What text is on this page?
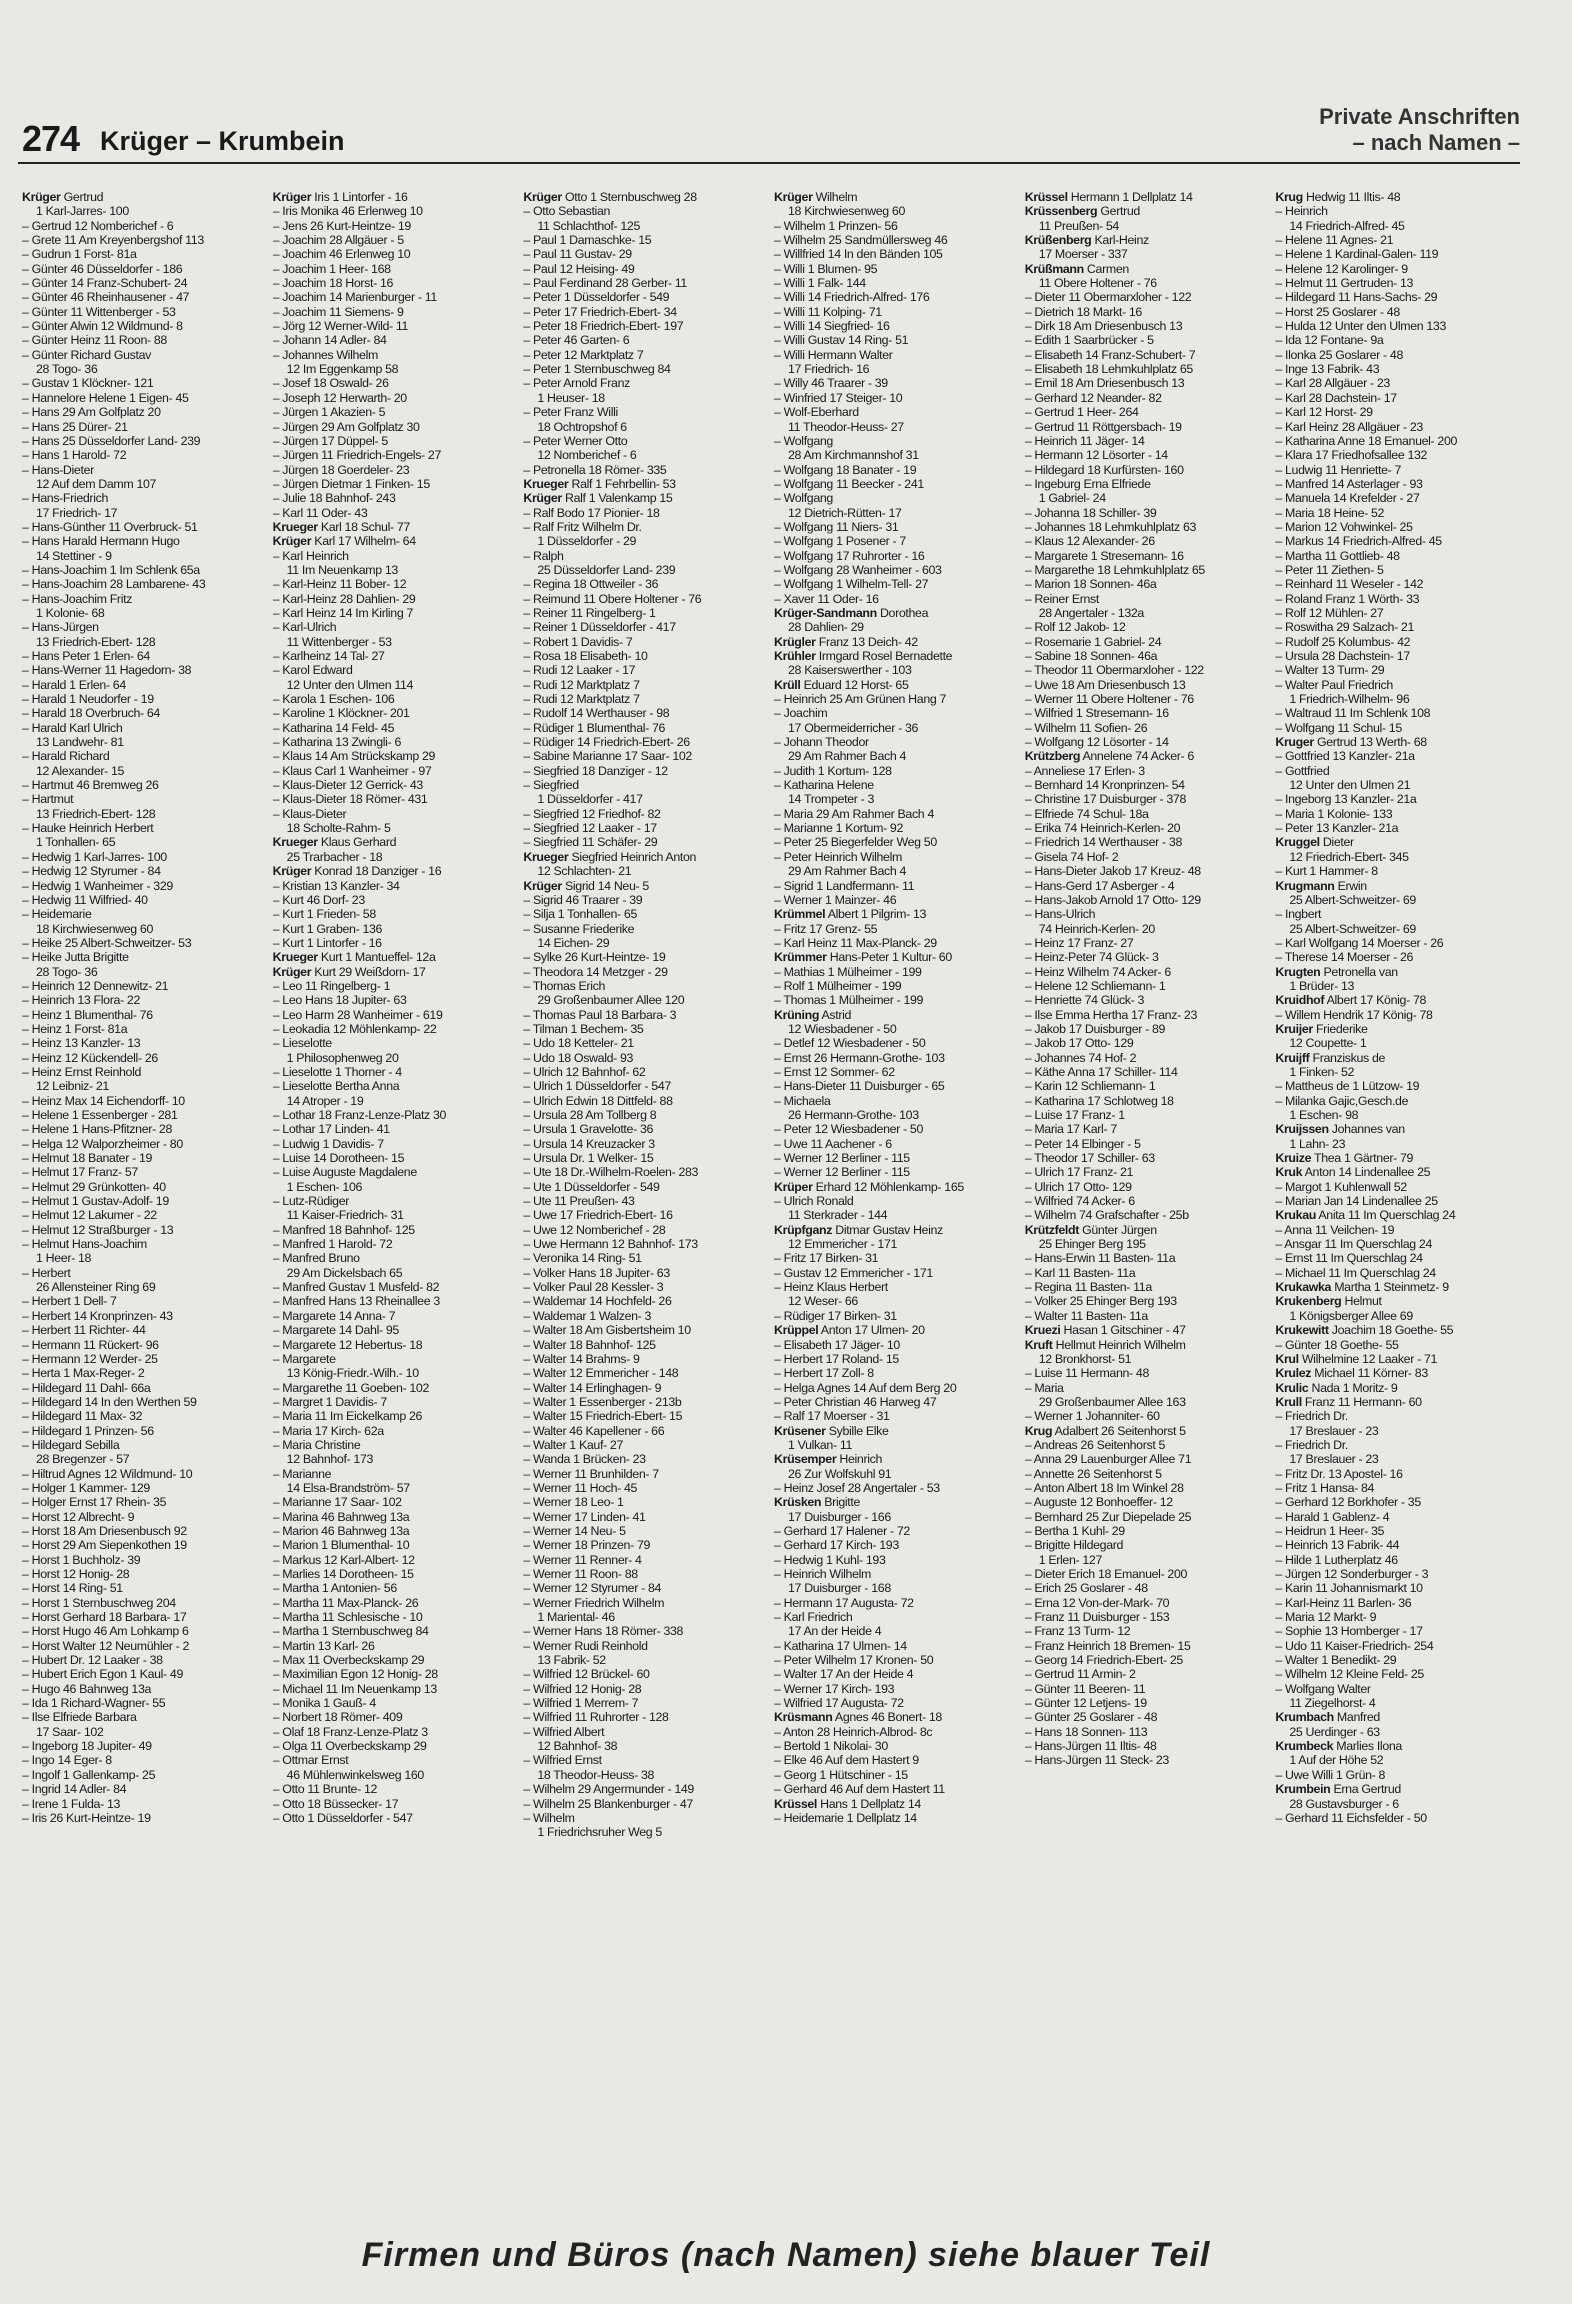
274 Krüger – Krumbein
Private Anschriften
– nach Namen –
Krüger Gertrud
1 Karl-Jarres- 100
– Gertrud 12 Nomberichef - 6
– Grete 11 Am Kreyenbergshof 113
– Gudrun 1 Forst- 81a
– Günter 46 Düsseldorfer - 186
– Günter 14 Franz-Schubert- 24
– Günter 46 Rheinhausener - 47
– Günter 11 Wittenberger - 53
– Günter Alwin 12 Wildmund- 8
– Günter Heinz 11 Roon- 88
– Günter Richard Gustav
28 Togo- 36
– Gustav 1 Klöckner- 121
– Hannelore Helene 1 Eigen- 45
– Hans 29 Am Golfplatz 20
– Hans 25 Dürer- 21
– Hans 25 Düsseldorfer Land- 239
– Hans 1 Harold- 72
– Hans-Dieter
12 Auf dem Damm 107
– Hans-Friedrich
17 Friedrich- 17
– Hans-Günther 11 Overbruck- 51
– Hans Harald Hermann Hugo
14 Stettiner - 9
– Hans-Joachim 1 Im Schlenk 65a
– Hans-Joachim 28 Lambarene- 43
– Hans-Joachim Fritz
1 Kolonie- 68
– Hans-Jürgen
13 Friedrich-Ebert- 128
– Hans Peter 1 Erlen- 64
– Hans-Werner 11 Hagedorn- 38
– Harald 1 Erlen- 64
– Harald 1 Neudorfer - 19
– Harald 18 Overbruch- 64
– Harald Karl Ulrich
13 Landwehr- 81
– Harald Richard
12 Alexander- 15
– Hartmut 46 Bremweg 26
– Hartmut
13 Friedrich-Ebert- 128
– Hauke Heinrich Herbert
1 Tonhallen- 65
– Hedwig 1 Karl-Jarres- 100
– Hedwig 12 Styrumer - 84
– Hedwig 1 Wanheimer - 329
– Hedwig 11 Wilfried- 40
– Heidemarie
18 Kirchwiesenweg 60
– Heike 25 Albert-Schweitzer- 53
– Heike Jutta Brigitte
28 Togo- 36
– Heinrich 12 Dennewitz- 21
– Heinrich 13 Flora- 22
– Heinz 1 Blumenthal- 76
– Heinz 1 Forst- 81a
– Heinz 13 Kanzler- 13
– Heinz 12 Kückendell- 26
– Heinz Ernst Reinhold
12 Leibniz- 21
– Heinz Max 14 Eichendorff- 10
– Helene 1 Essenberger - 281
– Helene 1 Hans-Pfitzner- 28
– Helga 12 Walporzheimer - 80
– Helmut 18 Banater - 19
– Helmut 17 Franz- 57
– Helmut 29 Grünkotten- 40
– Helmut 1 Gustav-Adolf- 19
– Helmut 12 Lakumer - 22
– Helmut 12 Straßburger - 13
– Helmut Hans-Joachim
1 Heer- 18
– Herbert
26 Allensteiner Ring 69
– Herbert 1 Dell- 7
– Herbert 14 Kronprinzen- 43
– Herbert 11 Richter- 44
– Hermann 11 Rückert- 96
– Hermann 12 Werder- 25
– Herta 1 Max-Reger- 2
– Hildegard 11 Dahl- 66a
– Hildegard 14 In den Werthen 59
– Hildegard 11 Max- 32
– Hildegard 1 Prinzen- 56
– Hildegard Sebilla
28 Bregenzer - 57
– Hiltrud Agnes 12 Wildmund- 10
– Holger 1 Kammer- 129
– Holger Ernst 17 Rhein- 35
– Horst 12 Albrecht- 9
– Horst 18 Am Driesenbusch 92
– Horst 29 Am Siepenkothen 19
– Horst 1 Buchholz- 39
– Horst 12 Honig- 28
– Horst 14 Ring- 51
– Horst 1 Sternbuschweg 204
– Horst Gerhard 18 Barbara- 17
– Horst Hugo 46 Am Lohkamp 6
– Horst Walter 12 Neumühler - 2
– Hubert Dr. 12 Laaker - 38
– Hubert Erich Egon 1 Kaul- 49
– Hugo 46 Bahnweg 13a
– Ida 1 Richard-Wagner- 55
– Ilse Elfriede Barbara
17 Saar- 102
– Ingeborg 18 Jupiter- 49
– Ingo 14 Eger- 8
– Ingolf 1 Gallenkamp- 25
– Ingrid 14 Adler- 84
– Irene 1 Fulda- 13
– Iris 26 Kurt-Heintze- 19
Krüger Iris 1 Lintorfer - 16
– Iris Monika 46 Erlenweg 10
– Jens 26 Kurt-Heintze- 19
– Joachim 28 Allgäuer - 5
– Joachim 46 Erlenweg 10
– Joachim 1 Heer- 168
– Joachim 18 Horst- 16
– Joachim 14 Marienburger - 11
– Joachim 11 Siemens- 9
– Jörg 12 Werner-Wild- 11
– Johann 14 Adler- 84
– Johannes Wilhelm
12 Im Eggenkamp 58
– Josef 18 Oswald- 26
– Joseph 12 Herwarth- 20
– Jürgen 1 Akazien- 5
– Jürgen 29 Am Golfplatz 30
– Jürgen 17 Düppel- 5
– Jürgen 11 Friedrich-Engels- 27
– Jürgen 18 Goerdeler- 23
– Jürgen Dietmar 1 Finken- 15
– Julie 18 Bahnhof- 243
– Karl 11 Oder- 43
Krueger Karl 18 Schul- 77
Krüger Karl 17 Wilhelm- 64
– Karl Heinrich
11 Im Neuenkamp 13
– Karl-Heinz 11 Bober- 12
– Karl-Heinz 28 Dahlien- 29
– Karl Heinz 14 Im Kirling 7
– Karl-Ulrich
11 Wittenberger - 53
– Karlheinz 14 Tal- 27
– Karol Edward
12 Unter den Ulmen 114
– Karola 1 Eschen- 106
– Karoline 1 Klöckner- 201
– Katharina 14 Feld- 45
– Katharina 13 Zwingli- 6
– Klaus 14 Am Strückskamp 29
– Klaus Carl 1 Wanheimer - 97
– Klaus-Dieter 12 Gerrick- 43
– Klaus-Dieter 18 Römer- 431
– Klaus-Dieter
18 Scholte-Rahm- 5
Krueger Klaus Gerhard
25 Trarbacher - 18
Krüger Konrad 18 Danziger - 16
– Kristian 13 Kanzler- 34
– Kurt 46 Dorf- 23
– Kurt 1 Frieden- 58
– Kurt 1 Graben- 136
– Kurt 1 Lintorfer - 16
Krueger Kurt 1 Mantueffel- 12a
Krüger Kurt 29 Weißdorn- 17
– Leo 11 Ringelberg- 1
– Leo Hans 18 Jupiter- 63
– Leo Harm 28 Wanheimer - 619
– Leokadia 12 Möhlenkamp- 22
– Lieselotte
1 Philosophenweg 20
– Lieselotte 1 Thorner - 4
– Lieselotte Bertha Anna
14 Atroper - 19
– Lothar 18 Franz-Lenze-Platz 30
– Lothar 17 Linden- 41
– Ludwig 1 Davidis- 7
– Luise 14 Dorotheen- 15
– Luise Auguste Magdalene
1 Eschen- 106
– Lutz-Rüdiger
11 Kaiser-Friedrich- 31
– Manfred 18 Bahnhof- 125
– Manfred 1 Harold- 72
– Manfred Bruno
29 Am Dickelsbach 65
– Manfred Gustav 1 Musfeld- 82
– Manfred Hans 13 Rheinallee 3
– Margarete 14 Anna- 7
– Margarete 14 Dahl- 95
– Margarete 12 Hebertus- 18
– Margarete
13 König-Friedr.-Wilh.- 10
– Margarethe 11 Goeben- 102
– Margret 1 Davidis- 7
– Maria 11 Im Eickelkamp 26
– Maria 17 Kirch- 62a
– Maria Christine
12 Bahnhof- 173
– Marianne
14 Elsa-Brandström- 57
– Marianne 17 Saar- 102
– Marina 46 Bahnweg 13a
– Marion 46 Bahnweg 13a
– Marion 1 Blumenthal- 10
– Markus 12 Karl-Albert- 12
– Marlies 14 Dorotheen- 15
– Martha 1 Antonien- 56
– Martha 11 Max-Planck- 26
– Martha 11 Schlesische - 10
– Martha 1 Sternbuschweg 84
– Martin 13 Karl- 26
– Max 11 Overbeckskamp 29
– Maximilian Egon 12 Honig- 28
– Michael 11 Im Neuenkamp 13
– Monika 1 Gauß- 4
– Norbert 18 Römer- 409
– Olaf 18 Franz-Lenze-Platz 3
– Olga 11 Overbeckskamp 29
– Ottmar Ernst
46 Mühlenwinkelsweg 160
– Otto 11 Brunte- 12
– Otto 18 Büssecker- 17
– Otto 1 Düsseldorfer - 547
Krüger Otto 1 Sternbuschweg 28
– Otto Sebastian
11 Schlachthof- 125
– Paul 1 Damaschke- 15
– Paul 11 Gustav- 29
– Paul 12 Heising- 49
– Paul Ferdinand 28 Gerber- 11
– Peter 1 Düsseldorfer - 549
– Peter 17 Friedrich-Ebert- 34
– Peter 18 Friedrich-Ebert- 197
– Peter 46 Garten- 6
– Peter 12 Marktplatz 7
– Peter 1 Sternbuschweg 84
– Peter Arnold Franz
1 Heuser- 18
– Peter Franz Willi
18 Ochtropshof 6
– Peter Werner Otto
12 Nomberichef - 6
– Petronella 18 Römer- 335
Krueger Ralf 1 Fehrbellin- 53
Krüger Ralf 1 Valenkamp 15
– Ralf Bodo 17 Pionier- 18
– Ralf Fritz Wilhelm Dr.
1 Düsseldorfer - 29
– Ralph
25 Düsseldorfer Land- 239
– Regina 18 Ottweiler - 36
– Reimund 11 Obere Holtener - 76
– Reiner 11 Ringelberg- 1
– Reiner 1 Düsseldorfer - 417
– Robert 1 Davidis- 7
– Rosa 18 Elisabeth- 10
– Rudi 12 Laaker - 17
– Rudi 12 Marktplatz 7
– Rudi 12 Marktplatz 7
– Rudolf 14 Werthauser - 98
– Rüdiger 1 Blumenthal- 76
– Rüdiger 14 Friedrich-Ebert- 26
– Sabine Marianne 17 Saar- 102
– Siegfried 18 Danziger - 12
– Siegfried
1 Düsseldorfer - 417
– Siegfried 12 Friedhof- 82
– Siegfried 12 Laaker - 17
– Siegfried 11 Schäfer- 29
Krueger Siegfried Heinrich Anton
12 Schlachten- 21
Krüger Sigrid 14 Neu- 5
– Sigrid 46 Traarer - 39
– Silja 1 Tonhallen- 65
– Susanne Friederike
14 Eichen- 29
– Sylke 26 Kurt-Heintze- 19
– Theodora 14 Metzger - 29
– Thomas Erich
29 Großenbaumer Allee 120
– Thomas Paul 18 Barbara- 3
– Tilman 1 Bechem- 35
– Udo 18 Ketteler- 21
– Udo 18 Oswald- 93
– Ulrich 12 Bahnhof- 62
– Ulrich 1 Düsseldorfer - 547
– Ulrich Edwin 18 Dittfeld- 88
– Ursula 28 Am Tollberg 8
– Ursula 1 Gravelotte- 36
– Ursula 14 Kreuzacker 3
– Ursula Dr. 1 Welker- 15
– Ute 18 Dr.-Wilhelm-Roelen- 283
– Ute 1 Düsseldorfer - 549
– Ute 11 Preußen- 43
– Uwe 17 Friedrich-Ebert- 16
– Uwe 12 Nomberichef - 28
– Uwe Hermann 12 Bahnhof- 173
– Veronika 14 Ring- 51
– Volker Hans 18 Jupiter- 63
– Volker Paul 28 Kessler- 3
– Waldemar 14 Hochfeld- 26
– Waldemar 1 Walzen- 3
– Walter 18 Am Gisbertsheim 10
– Walter 18 Bahnhof- 125
– Walter 14 Brahms- 9
– Walter 12 Emmericher - 148
– Walter 14 Erlinghagen- 9
– Walter 1 Essenberger - 213b
– Walter 15 Friedrich-Ebert- 15
– Walter 46 Kapellener - 66
– Walter 1 Kauf- 27
– Wanda 1 Brücken- 23
– Werner 11 Brunhilden- 7
– Werner 11 Hoch- 45
– Werner 18 Leo- 1
– Werner 17 Linden- 41
– Werner 14 Neu- 5
– Werner 18 Prinzen- 79
– Werner 11 Renner- 4
– Werner 11 Roon- 88
– Werner 12 Styrumer - 84
– Werner Friedrich Wilhelm
1 Mariental- 46
– Werner Hans 18 Römer- 338
– Werner Rudi Reinhold
13 Fabrik- 52
– Wilfried 12 Brückel- 60
– Wilfried 12 Honig- 28
– Wilfried 1 Merrem- 7
– Wilfried 11 Ruhrorter - 128
– Wilfried Albert
12 Bahnhof- 38
– Wilfried Ernst
18 Theodor-Heuss- 38
– Wilhelm 29 Angermunder - 149
– Wilhelm 25 Blankenburger - 47
– Wilhelm
1 Friedrichsruher Weg 5
Krüger Wilhelm
18 Kirchwiesenweg 60
– Wilhelm 1 Prinzen- 56
– Wilhelm 25 Sandmüllersweg 46
– Willfried 14 In den Bänden 105
– Willi 1 Blumen- 95
– Willi 1 Falk- 144
– Willi 14 Friedrich-Alfred- 176
– Willi 11 Kolping- 71
– Willi 14 Siegfried- 16
– Willi Gustav 14 Ring- 51
– Willi Hermann Walter
17 Friedrich- 16
– Willy 46 Traarer - 39
– Winfried 17 Steiger- 10
– Wolf-Eberhard
11 Theodor-Heuss- 27
– Wolfgang
28 Am Kirchmannshof 31
– Wolfgang 18 Banater - 19
– Wolfgang 11 Beecker - 241
– Wolfgang
12 Dietrich-Rütten- 17
– Wolfgang 11 Niers- 31
– Wolfgang 1 Posener - 7
– Wolfgang 17 Ruhrorter - 16
– Wolfgang 28 Wanheimer - 603
– Wolfgang 1 Wilhelm-Tell- 27
– Xaver 11 Oder- 16
Krüger-Sandmann Dorothea
28 Dahlien- 29
Krügler Franz 13 Deich- 42
Krühler Irmgard Rosel Bernadette
28 Kaiserswerther - 103
Krüll Eduard 12 Horst- 65
– Heinrich 25 Am Grünen Hang 7
– Joachim
17 Obermeiderricher - 36
– Johann Theodor
29 Am Rahmer Bach 4
– Judith 1 Kortum- 128
– Katharina Helene
14 Trompeter - 3
– Maria 29 Am Rahmer Bach 4
– Marianne 1 Kortum- 92
– Peter 25 Biegerfelder Weg 50
– Peter Heinrich Wilhelm
29 Am Rahmer Bach 4
– Sigrid 1 Landfermann- 11
– Werner 1 Mainzer- 46
Krümmel Albert 1 Pilgrim- 13
– Fritz 17 Grenz- 55
– Karl Heinz 11 Max-Planck- 29
Krümmer Hans-Peter 1 Kultur- 60
– Mathias 1 Mülheimer - 199
– Rolf 1 Mülheimer - 199
– Thomas 1 Mülheimer - 199
Krüning Astrid
12 Wiesbadener - 50
– Detlef 12 Wiesbadener - 50
– Ernst 26 Hermann-Grothe- 103
– Ernst 12 Sommer- 62
– Hans-Dieter 11 Duisburger - 65
– Michaela
26 Hermann-Grothe- 103
– Peter 12 Wiesbadener - 50
– Uwe 11 Aachener - 6
– Werner 12 Berliner - 115
– Werner 12 Berliner - 115
Krüper Erhard 12 Möhlenkamp- 165
– Ulrich Ronald
11 Sterkrader - 144
Krüpfganz Ditmar Gustav Heinz
12 Emmericher - 171
– Fritz 17 Birken- 31
– Gustav 12 Emmericher - 171
– Heinz Klaus Herbert
12 Weser- 66
– Rüdiger 17 Birken- 31
Krüppel Anton 17 Ulmen- 20
– Elisabeth 17 Jäger- 10
– Herbert 17 Roland- 15
– Herbert 17 Zoll- 8
– Helga Agnes 14 Auf dem Berg 20
– Peter Christian 46 Harweg 47
– Ralf 17 Moerser - 31
Krüsener Sybille Elke
1 Vulkan- 11
Krüsemper Heinrich
26 Zur Wolfskuhl 91
– Heinz Josef 28 Angertaler - 53
Krüsken Brigitte
17 Duisburger - 166
– Gerhard 17 Halener - 72
– Gerhard 17 Kirch- 193
– Hedwig 1 Kuhl- 193
– Heinrich Wilhelm
17 Duisburger - 168
– Hermann 17 Augusta- 72
– Karl Friedrich
17 An der Heide 4
– Katharina 17 Ulmen- 14
– Peter Wilhelm 17 Kronen- 50
– Walter 17 An der Heide 4
– Werner 17 Kirch- 193
– Wilfried 17 Augusta- 72
Krüsmann Agnes 46 Bonert- 18
– Anton 28 Heinrich-Albrod- 8c
– Bertold 1 Nikolai- 30
– Elke 46 Auf dem Hastert 9
– Georg 1 Hütschiner - 15
– Gerhard 46 Auf dem Hastert 11
Krüssel Hans 1 Dellplatz 14
– Heidemarie 1 Dellplatz 14
Krüssel Hermann 1 Dellplatz 14
Krüssenberg Gertrud
11 Preußen- 54
Krüßenberg Karl-Heinz
17 Moerser - 337
Krüßmann Carmen
11 Obere Holtener - 76
– Dieter 11 Obermarxloher - 122
– Dietrich 18 Markt- 16
– Dirk 18 Am Driesenbusch 13
– Edith 1 Saarbrücker - 5
– Elisabeth 14 Franz-Schubert- 7
– Elisabeth 18 Lehmkuhlplatz 65
– Emil 18 Am Driesenbusch 13
– Gerhard 12 Neander- 82
– Gertrud 1 Heer- 264
– Gertrud 11 Röttgersbach- 19
– Heinrich 11 Jäger- 14
– Hermann 12 Lösorter - 14
– Hildegard 18 Kurfürsten- 160
– Ingeburg Erna Elfriede
1 Gabriel- 24
– Johanna 18 Schiller- 39
– Johannes 18 Lehmkuhlplatz 63
– Klaus 12 Alexander- 26
– Margarete 1 Stresemann- 16
– Margarethe 18 Lehmkuhlplatz 65
– Marion 18 Sonnen- 46a
– Reiner Ernst
28 Angertaler - 132a
– Rolf 12 Jakob- 12
– Rosemarie 1 Gabriel- 24
– Sabine 18 Sonnen- 46a
– Theodor 11 Obermarxloher - 122
– Uwe 18 Am Driesenbusch 13
– Werner 11 Obere Holtener - 76
– Wilfried 1 Stresemann- 16
– Wilhelm 11 Sofien- 26
– Wolfgang 12 Lösorter - 14
Krützberg Annelene 74 Acker- 6
– Anneliese 17 Erlen- 3
– Bernhard 14 Kronprinzen- 54
– Christine 17 Duisburger - 378
– Elfriede 74 Schul- 18a
– Erika 74 Heinrich-Kerlen- 20
– Friedrich 14 Werthauser - 38
– Gisela 74 Hof- 2
– Hans-Dieter Jakob 17 Kreuz- 48
– Hans-Gerd 17 Asberger - 4
– Hans-Jakob Arnold 17 Otto- 129
– Hans-Ulrich
74 Heinrich-Kerlen- 20
– Heinz 17 Franz- 27
– Heinz-Peter 74 Glück- 3
– Heinz Wilhelm 74 Acker- 6
– Helene 12 Schliemann- 1
– Henriette 74 Glück- 3
– Ilse Emma Hertha 17 Franz- 23
– Jakob 17 Duisburger - 89
– Jakob 17 Otto- 129
– Johannes 74 Hof- 2
– Käthe Anna 17 Schiller- 114
– Karin 12 Schliemann- 1
– Katharina 17 Schlotweg 18
– Luise 17 Franz- 1
– Maria 17 Karl- 7
– Peter 14 Elbinger - 5
– Theodor 17 Schiller- 63
– Ulrich 17 Franz- 21
– Ulrich 17 Otto- 129
– Wilfried 74 Acker- 6
– Wilhelm 74 Grafschafter - 25b
Krützfeldt Günter Jürgen
25 Ehinger Berg 195
– Hans-Erwin 11 Basten- 11a
– Karl 11 Basten- 11a
– Regina 11 Basten- 11a
– Volker 25 Ehinger Berg 193
– Walter 11 Basten- 11a
Kruezi Hasan 1 Gitschiner - 47
Kruft Hellmut Heinrich Wilhelm
12 Bronkhorst- 51
– Luise 11 Hermann- 48
– Maria
29 Großenbaumer Allee 163
– Werner 1 Johanniter- 60
Krug Adalbert 26 Seitenhorst 5
– Andreas 26 Seitenhorst 5
– Anna 29 Lauenburger Allee 71
– Annette 26 Seitenhorst 5
– Anton Albert 18 Im Winkel 28
– Auguste 12 Bonhoeffer- 12
– Bernhard 25 Zur Diepelade 25
– Bertha 1 Kuhl- 29
– Brigitte Hildegard
1 Erlen- 127
– Dieter Erich 18 Emanuel- 200
– Erich 25 Goslarer - 48
– Erna 12 Von-der-Mark- 70
– Franz 11 Duisburger - 153
– Franz 13 Turm- 12
– Franz Heinrich 18 Bremen- 15
– Georg 14 Friedrich-Ebert- 25
– Gertrud 11 Armin- 2
– Günter 11 Beeren- 11
– Günter 12 Letjens- 19
– Günter 25 Goslarer - 48
– Hans 18 Sonnen- 113
– Hans-Jürgen 11 Iltis- 48
– Hans-Jürgen 11 Steck- 23
Krug Hedwig 11 Iltis- 48
– Heinrich
14 Friedrich-Alfred- 45
– Helene 11 Agnes- 21
– Helene 1 Kardinal-Galen- 119
– Helene 12 Karolinger- 9
– Helmut 11 Gertruden- 13
– Hildegard 11 Hans-Sachs- 29
– Horst 25 Goslarer - 48
– Hulda 12 Unter den Ulmen 133
– Ida 12 Fontane- 9a
– Ilonka 25 Goslarer - 48
– Inge 13 Fabrik- 43
– Karl 28 Allgäuer - 23
– Karl 28 Dachstein- 17
– Karl 12 Horst- 29
– Karl Heinz 28 Allgäuer - 23
– Katharina Anne 18 Emanuel- 200
– Klara 17 Friedhofsallee 132
– Ludwig 11 Henriette- 7
– Manfred 14 Asterlager - 93
– Manuela 14 Krefelder - 27
– Maria 18 Heine- 52
– Marion 12 Vohwinkel- 25
– Markus 14 Friedrich-Alfred- 45
– Martha 11 Gottlieb- 48
– Peter 11 Ziethen- 5
– Reinhard 11 Weseler - 142
– Roland Franz 1 Wörth- 33
– Rolf 12 Mühlen- 27
– Roswitha 29 Salzach- 21
– Rudolf 25 Kolumbus- 42
– Ursula 28 Dachstein- 17
– Walter 13 Turm- 29
– Walter Paul Friedrich
1 Friedrich-Wilhelm- 96
– Waltraud 11 Im Schlenk 108
– Wolfgang 11 Schul- 15
Kruger Gertrud 13 Werth- 68
– Gottfried 13 Kanzler- 21a
– Gottfried
12 Unter den Ulmen 21
– Ingeborg 13 Kanzler- 21a
– Maria 1 Kolonie- 133
– Peter 13 Kanzler- 21a
Kruggel Dieter
12 Friedrich-Ebert- 345
– Kurt 1 Hammer- 8
Krugmann Erwin
25 Albert-Schweitzer- 69
– Ingbert
25 Albert-Schweitzer- 69
– Karl Wolfgang 14 Moerser - 26
– Therese 14 Moerser - 26
Krugten Petronella van
1 Brüder- 13
Kruidhof Albert 17 König- 78
– Willem Hendrik 17 König- 78
Kruijer Friederike
12 Coupette- 1
Kruijff Franziskus de
1 Finken- 52
– Mattheus de 1 Lützow- 19
– Milanka Gajic,Gesch.de
1 Eschen- 98
Kruijssen Johannes van
1 Lahn- 23
Kruize Thea 1 Gärtner- 79
Kruk Anton 14 Lindenallee 25
– Margot 1 Kuhlenwall 52
– Marian Jan 14 Lindenallee 25
Krukau Anita 11 Im Querschlag 24
– Anna 11 Veilchen- 19
– Ansgar 11 Im Querschlag 24
– Ernst 11 Im Querschlag 24
– Michael 11 Im Querschlag 24
Krukawka Martha 1 Steinmetz- 9
Krukenberg Helmut
1 Königsberger Allee 69
Krukewitt Joachim 18 Goethe- 55
– Günter 18 Goethe- 55
Krul Wilhelmine 12 Laaker - 71
Krulez Michael 11 Körner- 83
Krulic Nada 1 Moritz- 9
Krull Franz 11 Hermann- 60
– Friedrich Dr.
17 Breslauer - 23
– Friedrich Dr.
17 Breslauer - 23
– Fritz Dr. 13 Apostel- 16
– Fritz 1 Hansa- 84
– Gerhard 12 Borkhofer - 35
– Harald 1 Gablenz- 4
– Heidrun 1 Heer- 35
– Heinrich 13 Fabrik- 44
– Hilde 1 Lutherplatz 46
– Jürgen 12 Sonderburger - 3
– Karin 11 Johannismarkt 10
– Karl-Heinz 11 Barlen- 36
– Maria 12 Markt- 9
– Sophie 13 Homberger - 17
– Udo 11 Kaiser-Friedrich- 254
– Walter 1 Benedikt- 29
– Wilhelm 12 Kleine Feld- 25
– Wolfgang Walter
11 Ziegelhorst- 4
Krumbach Manfred
25 Uerdinger - 63
Krumbeck Marlies Ilona
1 Auf der Höhe 52
– Uwe Willi 1 Grün- 8
Krumbein Erna Gertrud
28 Gustavsburger - 6
– Gerhard 11 Eichsfelder - 50
Firmen und Büros (nach Namen) siehe blauer Teil
